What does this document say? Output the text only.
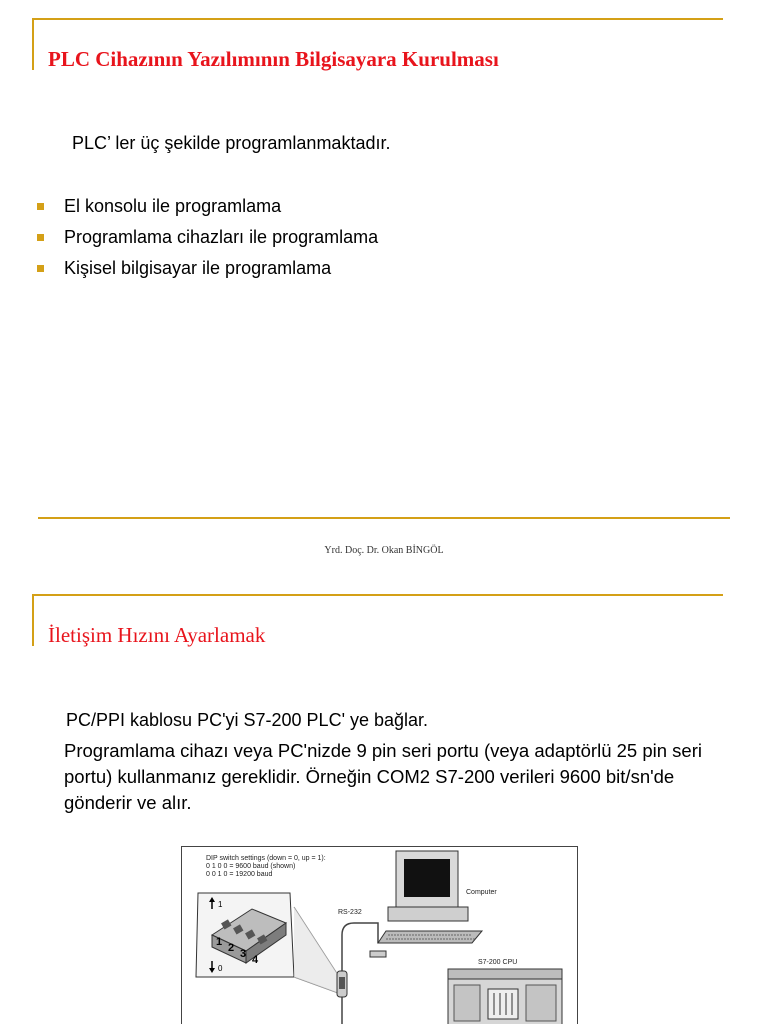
PLC Cihazının Yazılımının Bilgisayara Kurulması
PLC’ ler üç şekilde programlanmaktadır.
El konsolu ile programlama
Programlama cihazları ile programlama
Kişisel bilgisayar ile programlama
Yrd. Doç. Dr. Okan BİNGÖL
İletişim Hızını Ayarlamak
PC/PPI kablosu PC'yi S7-200 PLC' ye bağlar.
Programlama cihazı veya PC'nizde 9 pin seri portu (veya adaptörlü 25 pin seri portu) kullanmanız gereklidir. Örneğin COM2 S7-200 verileri 9600 bit/sn'de gönderir ve alır.
DIP switch settings (down = 0, up = 1):
0 1 0 0 = 9600 baud (shown)
0 0 1 0 = 19200 baud
Computer
RS-232
S7-200 CPU
1
0
1 2 3 4
